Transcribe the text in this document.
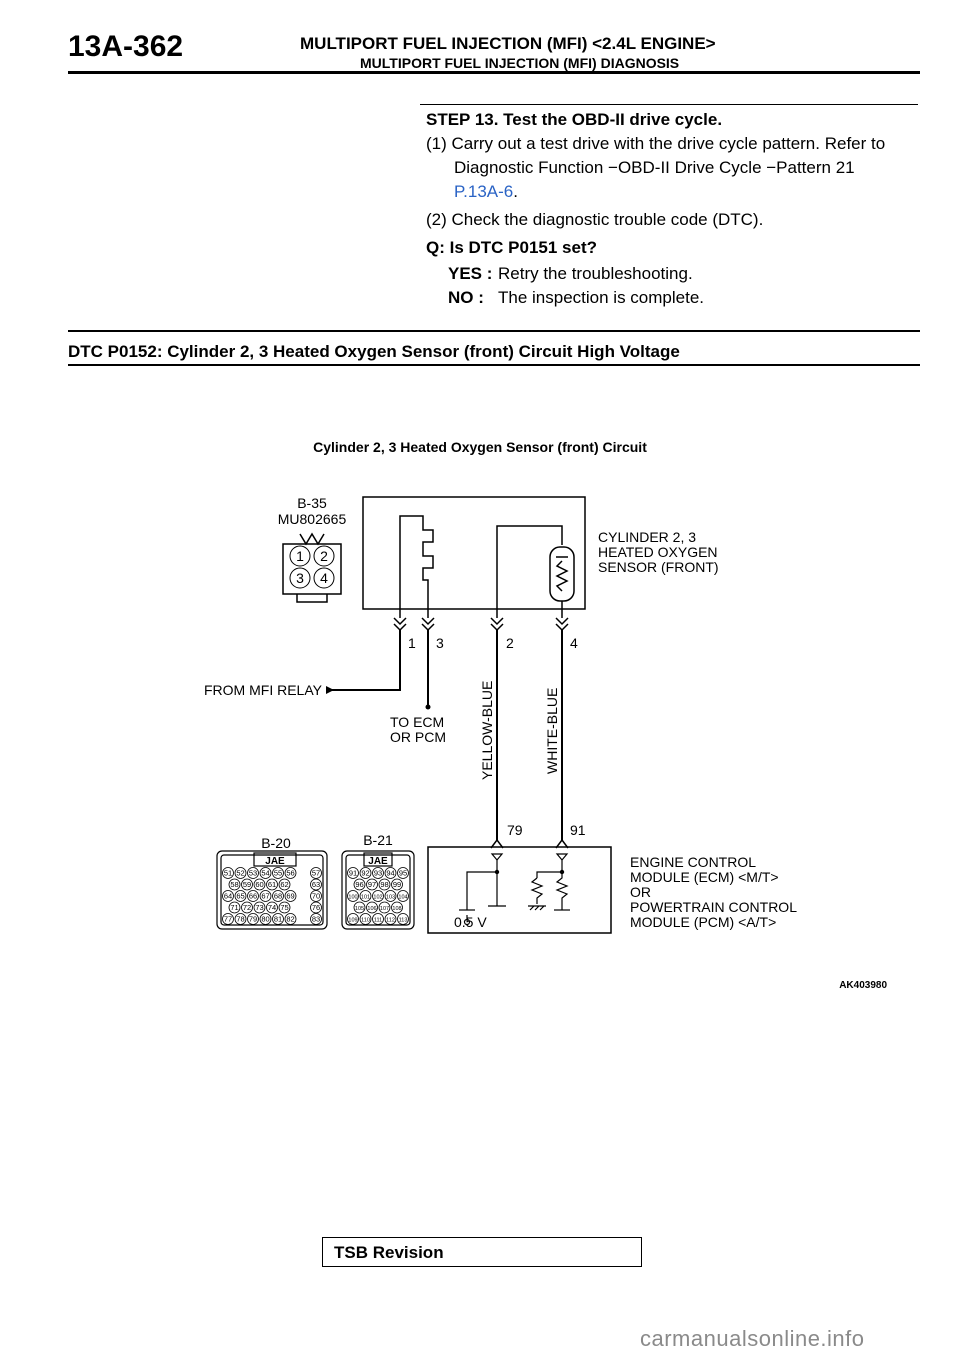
13A-362	MULTIPORT FUEL INJECTION (MFI) <2.4L ENGINE>
MULTIPORT FUEL INJECTION (MFI) DIAGNOSIS
STEP 13. Test the OBD-II drive cycle.
(1) Carry out a test drive with the drive cycle pattern. Refer to Diagnostic Function −OBD-II Drive Cycle −Pattern 21
P.13A-6.
(2) Check the diagnostic trouble code (DTC).
Q: Is DTC P0151 set?
YES : Retry the troubleshooting.
NO : The inspection is complete.
DTC P0152: Cylinder 2, 3 Heated Oxygen Sensor (front) Circuit High Voltage
Cylinder 2, 3 Heated Oxygen Sensor (front) Circuit
B-35
MU802665
1 2
3 4
CYLINDER 2, 3
HEATED OXYGEN
SENSOR (FRONT)
1 3	2	4
FROM MFI RELAY
TO ECM
OR PCM YELLOW-BLUE	WHITE-BLUE
79	91
0.5 V
ENGINE CONTROL
MODULE (ECM) <M/T>
OR
POWERTRAIN CONTROL
MODULE (PCM) <A/T>
B-20
JAE
51 52 53 54 55 56 57
58 59 60 61 62	63
64 65 66 67 68 69 70
71 72 73 74 75	76
77 78 79 80 81 82 83
B-21
JAE
91 92 93 94 95
96 97 98 99
100 101 102 103 104
105 106 107 108
109 110 111 112 113
AK403980
TSB Revision
carmanualsonline.info
